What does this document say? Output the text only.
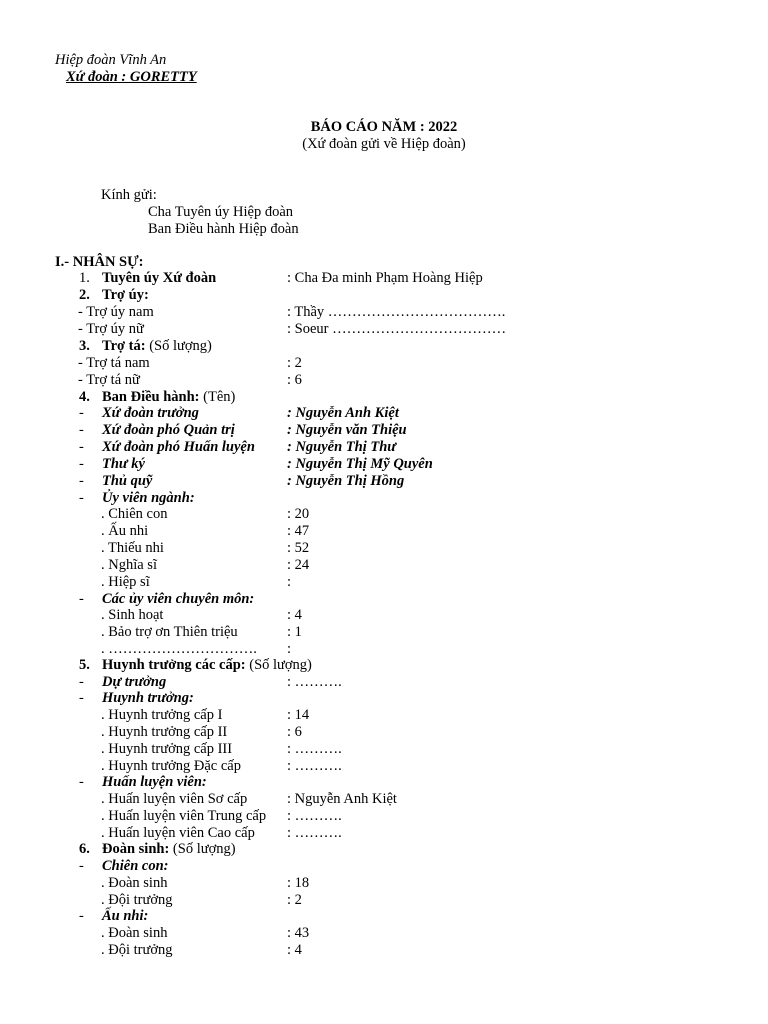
Hiệp đoàn Vĩnh An
Xứ đoàn : GORETTY
BÁO CÁO NĂM : 2022
(Xứ đoàn gửi về Hiệp đoàn)
Kính gửi:
Cha Tuyên úy Hiệp đoàn
Ban Điều hành Hiệp đoàn
I.- NHÂN SỰ:
1. Tuyên úy Xứ đoàn	: Cha Đa minh Phạm Hoàng Hiệp
2. Trợ úy:
- Trợ úy nam	: Thầy ……………………………….
- Trợ úy nữ	: Soeur ………………………………
3. Trợ tá: (Số lượng)
- Trợ tá nam	: 2
- Trợ tá nữ	: 6
4. Ban Điều hành: (Tên)
- Xứ đoàn trưởng	: Nguyễn Anh Kiệt
- Xứ đoàn phó Quản trị	: Nguyễn văn Thiệu
- Xứ đoàn phó Huấn luyện : Nguyễn Thị Thư
- Thư ký	: Nguyễn Thị Mỹ Quyên
- Thủ quỹ	: Nguyễn Thị Hồng
- Ủy viên ngành:
. Chiên con	: 20
. Ấu nhi	: 47
. Thiếu nhi	: 52
. Nghĩa sĩ	: 24
. Hiệp sĩ	:
- Các ủy viên chuyên môn:
. Sinh hoạt	: 4
. Bảo trợ ơn Thiên triệu	: 1
. …………………………. :
5. Huynh trưởng các cấp: (Số lượng)
- Dự trưởng	: ……….
- Huynh trưởng:
. Huynh trưởng cấp I	: 14
. Huynh trưởng cấp II	: 6
. Huynh trưởng cấp III	: ……….
. Huynh trưởng Đặc cấp	: ……….
- Huấn luyện viên:
. Huấn luyện viên Sơ cấp	: Nguyễn Anh Kiệt
. Huấn luyện viên Trung cấp : ……….
. Huấn luyện viên Cao cấp : ……….
6. Đoàn sinh: (Số lượng)
- Chiên con:
. Đoàn sinh	: 18
. Đội trưởng	: 2
- Ấu nhi:
. Đoàn sinh	: 43
. Đội trưởng	: 4
